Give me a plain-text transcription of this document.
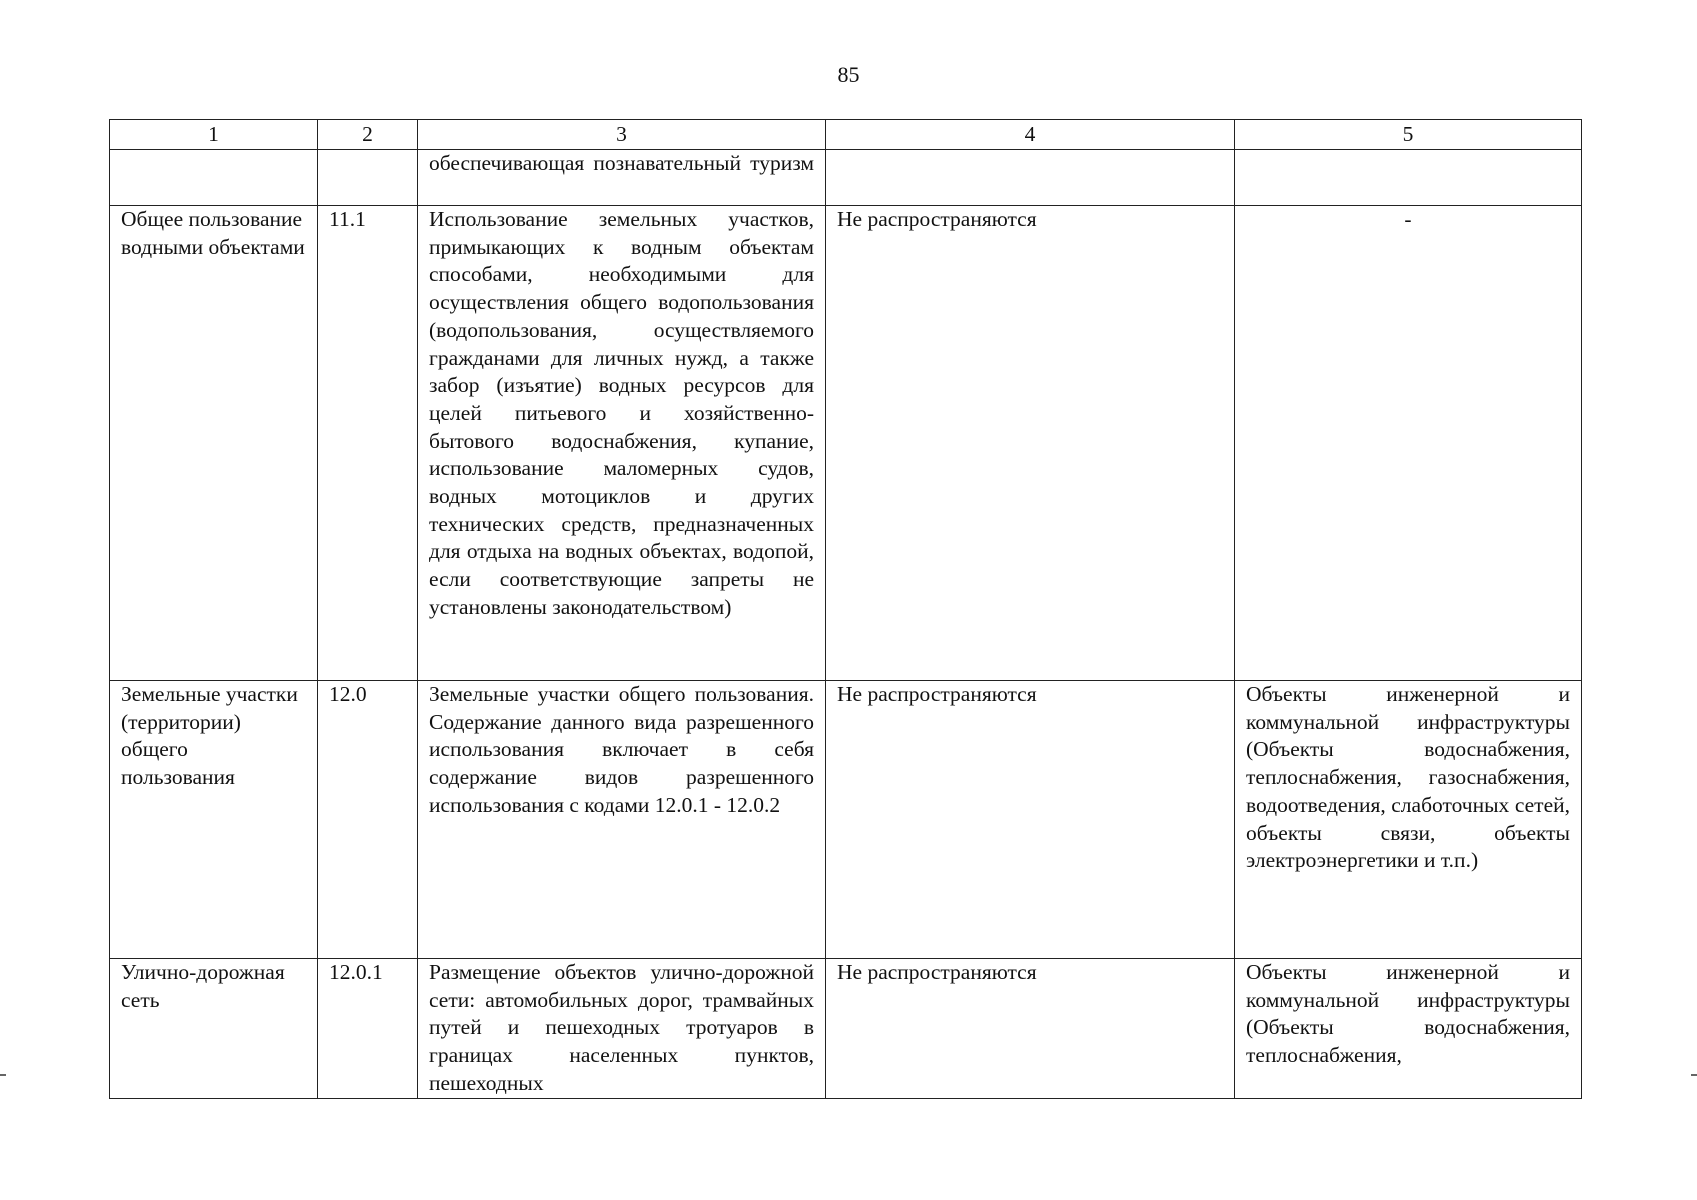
85
1	2	3	4	5
		обеспечивающая познавательный туризм		
Общее пользование водными объектами	11.1	Использование земельных участков, примыкающих к водным объектам способами, необходимыми для осуществления общего водопользования (водопользования, осуществляемого гражданами для личных нужд, а также забор (изъятие) водных ресурсов для целей питьевого и хозяйственно-бытового водоснабжения, купание, использование маломерных судов, водных мотоциклов и других технических средств, предназначенных для отдыха на водных объектах, водопой, если соответствующие запреты не установлены законодательством)	Не распространяются	-
Земельные участки (территории) общего пользования	12.0	Земельные участки общего пользования. Содержание данного вида разрешенного использования включает в себя содержание видов разрешенного использования с кодами 12.0.1 - 12.0.2	Не распространяются	Объекты инженерной и коммунальной инфраструктуры (Объекты водоснабжения, теплоснабжения, газоснабжения, водоотведения, слаботочных сетей, объекты связи, объекты электроэнергетики и т.п.)
Улично-дорожная сеть	12.0.1	Размещение объектов улично-дорожной сети: автомобильных дорог, трамвайных путей и пешеходных тротуаров в границах населенных пунктов, пешеходных	Не распространяются	Объекты инженерной и коммунальной инфраструктуры (Объекты водоснабжения, теплоснабжения,
